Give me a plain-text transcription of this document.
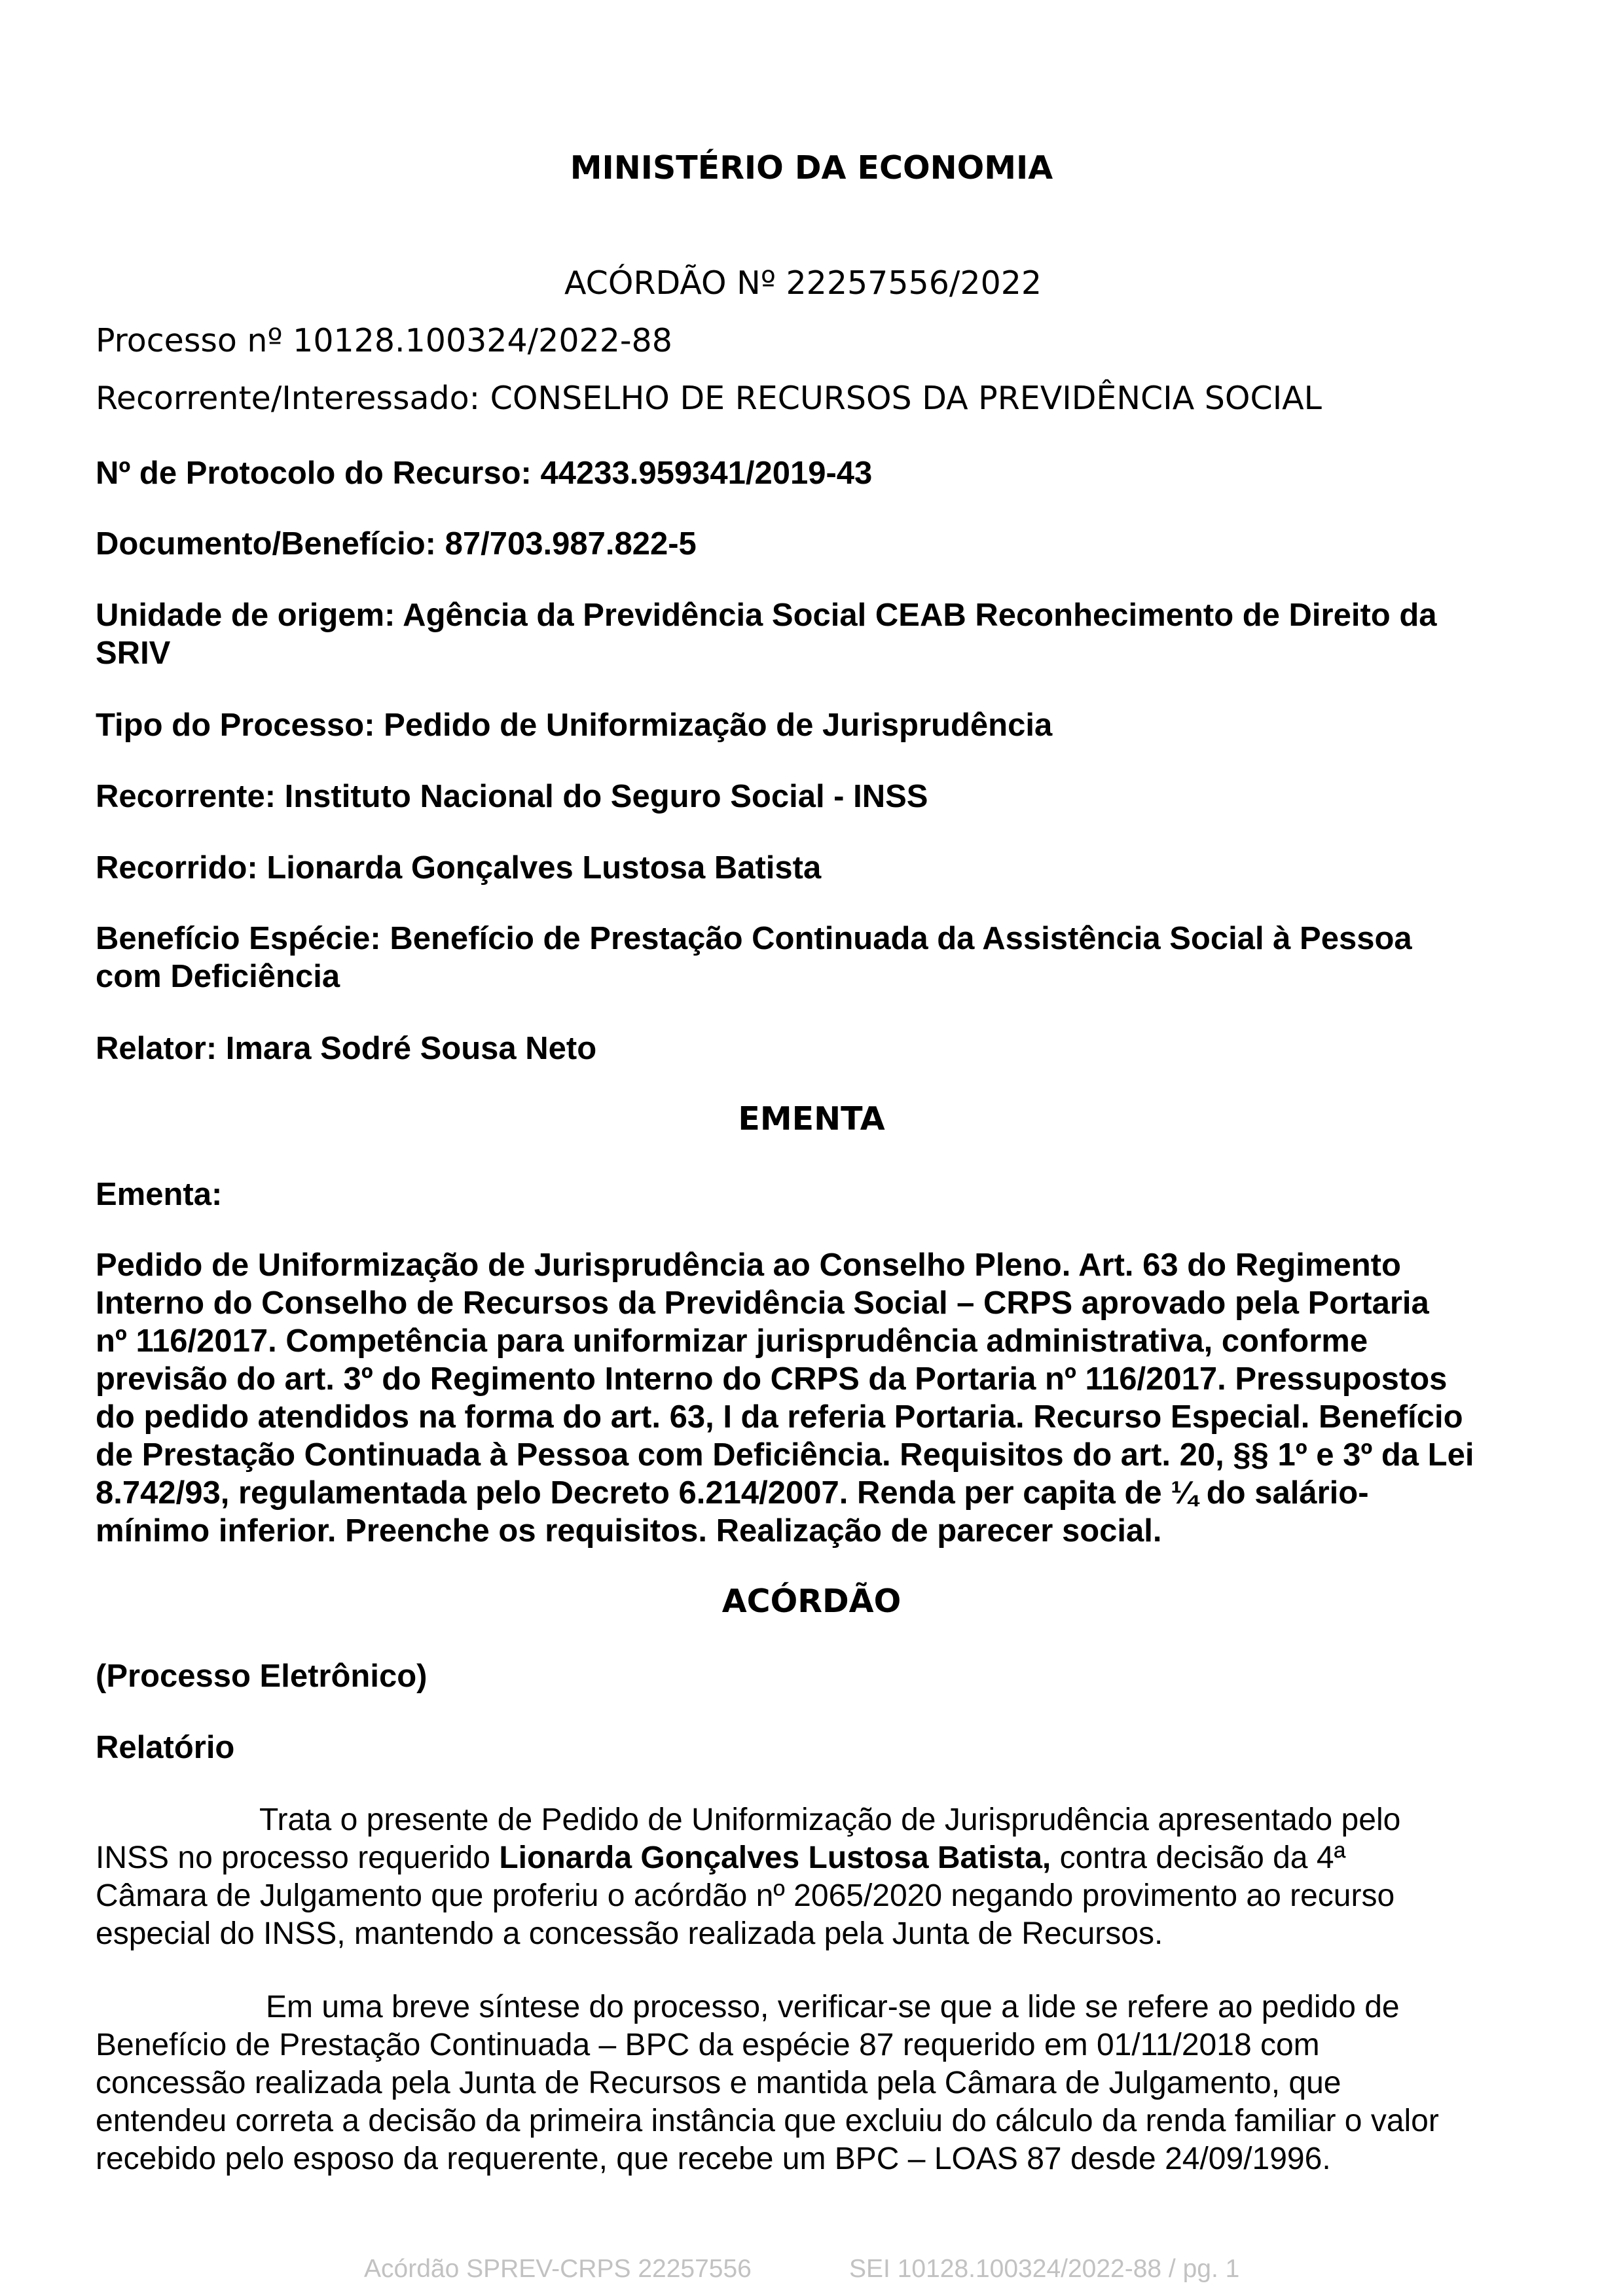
MINISTÉRIO DA ECONOMIA
ACÓRDÃO Nº 22257556/2022
Processo nº 10128.100324/2022-88
Recorrente/Interessado: CONSELHO DE RECURSOS DA PREVIDÊNCIA SOCIAL
Nº de Protocolo do Recurso: 44233.959341/2019-43
Documento/Benefício: 87/703.987.822-5
Unidade de origem: Agência da Previdência Social CEAB Reconhecimento de Direito da
SRIV
Tipo do Processo: Pedido de Uniformização de Jurisprudência
Recorrente: Instituto Nacional do Seguro Social - INSS
Recorrido: Lionarda Gonçalves Lustosa Batista
Benefício Espécie: Benefício de Prestação Continuada da Assistência Social à Pessoa
com Deficiência
Relator: Imara Sodré Sousa Neto
EMENTA
Ementa:
Pedido de Uniformização de Jurisprudência ao Conselho Pleno. Art. 63 do Regimento
Interno do Conselho de Recursos da Previdência Social – CRPS aprovado pela Portaria
nº 116/2017. Competência para uniformizar jurisprudência administrativa, conforme
previsão do art. 3º do Regimento Interno do CRPS da Portaria nº 116/2017. Pressupostos
do pedido atendidos na forma do art. 63, I da referia Portaria. Recurso Especial. Benefício
de Prestação Continuada à Pessoa com Deficiência. Requisitos do art. 20, §§ 1º e 3º da Lei
8.742/93, regulamentada pelo Decreto 6.214/2007. Renda per capita de ¼ do salário-
mínimo inferior. Preenche os requisitos. Realização de parecer social.
ACÓRDÃO
(Processo Eletrônico)
Relatório
Trata o presente de Pedido de Uniformização de Jurisprudência apresentado pelo
INSS no processo requerido Lionarda Gonçalves Lustosa Batista, contra decisão da 4ª
Câmara de Julgamento que proferiu o acórdão nº 2065/2020 negando provimento ao recurso
especial do INSS, mantendo a concessão realizada pela Junta de Recursos.
Em uma breve síntese do processo, verificar-se que a lide se refere ao pedido de
Benefício de Prestação Continuada – BPC da espécie 87 requerido em 01/11/2018 com
concessão realizada pela Junta de Recursos e mantida pela Câmara de Julgamento, que
entendeu correta a decisão da primeira instância que excluiu do cálculo da renda familiar o valor
recebido pelo esposo da requerente, que recebe um BPC – LOAS 87 desde 24/09/1996.
Acórdão SPREV-CRPS 22257556	SEI 10128.100324/2022-88 / pg. 1
